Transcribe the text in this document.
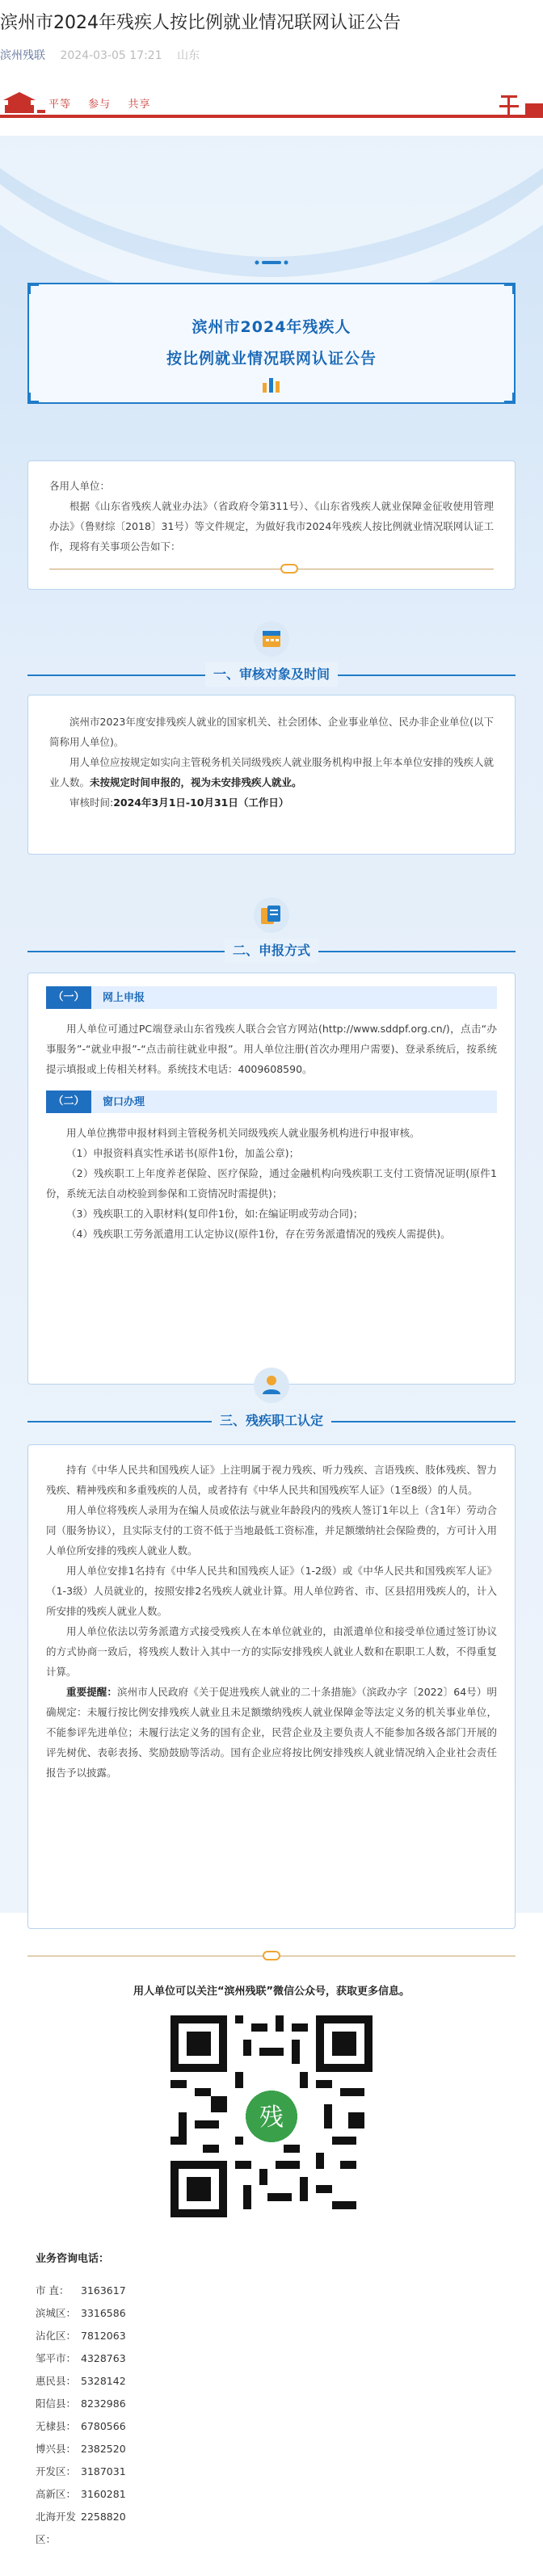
滨州市2024年残疾人按比例就业情况联网认证公告
滨州残联 2024-03-05 17:21 山东
平等 参与 共享
滨州市2024年残疾人
按比例就业情况联网认证公告

各用人单位：

根据《山东省残疾人就业办法》（省政府令第311号）、《山东省残疾人就业保障金征收使用管理办法》（鲁财综〔2018〕31号）等文件规定，为做好我市2024年残疾人按比例就业情况联网认证工作，现将有关事项公告如下：

一、审核对象及时间

滨州市2023年度安排残疾人就业的国家机关、社会团体、企业事业单位、民办非企业单位(以下简称用人单位)。

用人单位应按规定如实向主管税务机关同级残疾人就业服务机构申报上年本单位安排的残疾人就业人数。未按规定时间申报的，视为未安排残疾人就业。

审核时间:2024年3月1日-10月31日（工作日）

二、申报方式
（一）	网上申报

用人单位可通过PC端登录山东省残疾人联合会官方网站(http://www.sddpf.org.cn/)，点击“办事服务”-“就业申报”-“点击前往就业申报”。用人单位注册(首次办理用户需要)、登录系统后，按系统提示填报或上传相关材料。系统技术电话：4009608590。

（二）	窗口办理

用人单位携带申报材料到主管税务机关同级残疾人就业服务机构进行申报审核。

（1）申报资料真实性承诺书(原件1份，加盖公章)；

（2）残疾职工上年度养老保险、医疗保险，通过金融机构向残疾职工支付工资情况证明(原件1份，系统无法自动校验到参保和工资情况时需提供)；

（3）残疾职工的入职材料(复印件1份，如:在编证明或劳动合同)；

（4）残疾职工劳务派遣用工认定协议(原件1份，存在劳务派遣情况的残疾人需提供)。

三、残疾职工认定

持有《中华人民共和国残疾人证》上注明属于视力残疾、听力残疾、言语残疾、肢体残疾、智力残疾、精神残疾和多重残疾的人员，或者持有《中华人民共和国残疾军人证》（1至8级）的人员。

用人单位将残疾人录用为在编人员或依法与就业年龄段内的残疾人签订1年以上（含1年）劳动合同（服务协议），且实际支付的工资不低于当地最低工资标准，并足额缴纳社会保险费的，方可计入用人单位所安排的残疾人就业人数。

用人单位安排1名持有《中华人民共和国残疾人证》（1-2级）或《中华人民共和国残疾军人证》（1-3级）人员就业的，按照安排2名残疾人就业计算。用人单位跨省、市、区县招用残疾人的，计入所安排的残疾人就业人数。

用人单位依法以劳务派遣方式接受残疾人在本单位就业的，由派遣单位和接受单位通过签订协议的方式协商一致后，将残疾人数计入其中一方的实际安排残疾人就业人数和在职职工人数，不得重复计算。

重要提醒：滨州市人民政府《关于促进残疾人就业的二十条措施》（滨政办字〔2022〕64号）明确规定：未履行按比例安排残疾人就业且未足额缴纳残疾人就业保障金等法定义务的机关事业单位，不能参评先进单位；未履行法定义务的国有企业，民营企业及主要负责人不能参加各级各部门开展的评先树优、表彰表扬、奖励鼓励等活动。国有企业应将按比例安排残疾人就业情况纳入企业社会责任报告予以披露。

用人单位可以关注“滨州残联”微信公众号，获取更多信息。
残
业务咨询电话：
市 直：	3163617
滨城区： 3316586
沾化区： 7812063
邹平市： 4328763
惠民县： 5328142
阳信县： 8232986
无棣县： 6780566
博兴县： 2382520
开发区： 3187031
高新区： 3160281
北海开发区：
2258820
